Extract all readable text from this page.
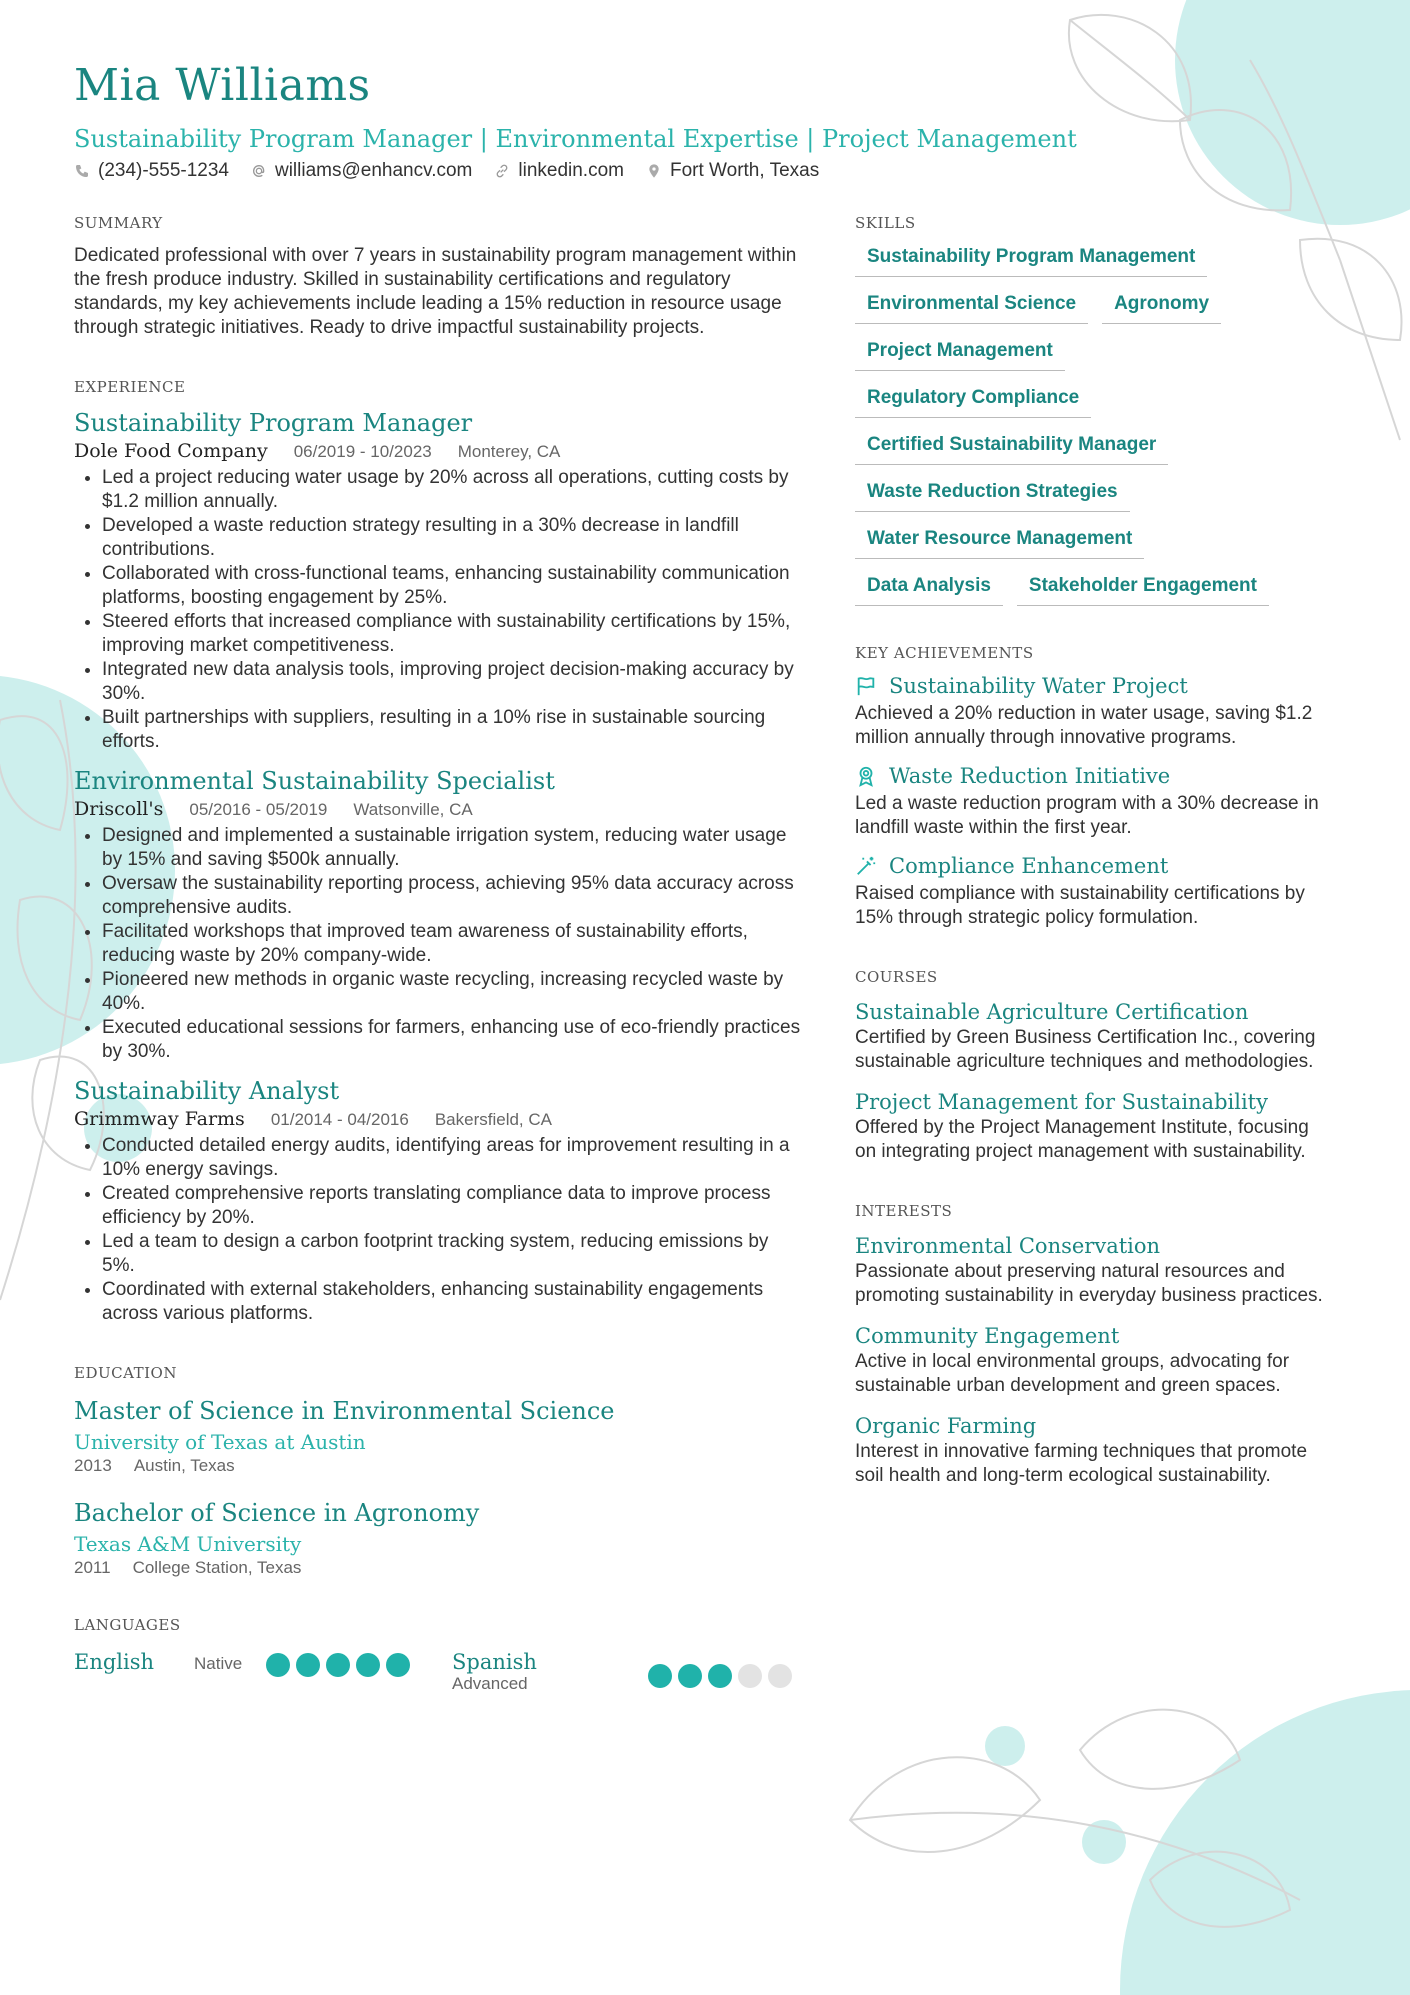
Mia Williams
Sustainability Program Manager | Environmental Expertise | Project Management
(234)-555-1234 williams@enhancv.com linkedin.com Fort Worth, Texas
SUMMARY
Dedicated professional with over 7 years in sustainability program management within the fresh produce industry. Skilled in sustainability certifications and regulatory standards, my key achievements include leading a 15% reduction in resource usage through strategic initiatives. Ready to drive impactful sustainability projects.
EXPERIENCE
Sustainability Program Manager
Dole Food Company 06/2019 - 10/2023 Monterey, CA
• Led a project reducing water usage by 20% across all operations, cutting costs by $1.2 million annually.
• Developed a waste reduction strategy resulting in a 30% decrease in landfill contributions.
• Collaborated with cross-functional teams, enhancing sustainability communication platforms, boosting engagement by 25%.
• Steered efforts that increased compliance with sustainability certifications by 15%, improving market competitiveness.
• Integrated new data analysis tools, improving project decision-making accuracy by 30%.
• Built partnerships with suppliers, resulting in a 10% rise in sustainable sourcing efforts.
Environmental Sustainability Specialist
Driscoll's 05/2016 - 05/2019 Watsonville, CA
• Designed and implemented a sustainable irrigation system, reducing water usage by 15% and saving $500k annually.
• Oversaw the sustainability reporting process, achieving 95% data accuracy across comprehensive audits.
• Facilitated workshops that improved team awareness of sustainability efforts, reducing waste by 20% company-wide.
• Pioneered new methods in organic waste recycling, increasing recycled waste by 40%.
• Executed educational sessions for farmers, enhancing use of eco-friendly practices by 30%.
Sustainability Analyst
Grimmway Farms 01/2014 - 04/2016 Bakersfield, CA
• Conducted detailed energy audits, identifying areas for improvement resulting in a 10% energy savings.
• Created comprehensive reports translating compliance data to improve process efficiency by 20%.
• Led a team to design a carbon footprint tracking system, reducing emissions by 5%.
• Coordinated with external stakeholders, enhancing sustainability engagements across various platforms.
EDUCATION
Master of Science in Environmental Science
University of Texas at Austin
2013 Austin, Texas
Bachelor of Science in Agronomy
Texas A&M University
2011 College Station, Texas
LANGUAGES
English	Native	Spanish
Advanced
SKILLS
Sustainability Program Management
Environmental Science	Agronomy
Project Management
Regulatory Compliance
Certified Sustainability Manager
Waste Reduction Strategies
Water Resource Management
Data Analysis	Stakeholder Engagement
KEY ACHIEVEMENTS
Sustainability Water Project
Achieved a 20% reduction in water usage, saving $1.2 million annually through innovative programs.
Waste Reduction Initiative
Led a waste reduction program with a 30% decrease in landfill waste within the first year.
Compliance Enhancement
Raised compliance with sustainability certifications by 15% through strategic policy formulation.
COURSES
Sustainable Agriculture Certification
Certified by Green Business Certification Inc., covering sustainable agriculture techniques and methodologies.
Project Management for Sustainability
Offered by the Project Management Institute, focusing on integrating project management with sustainability.
INTERESTS
Environmental Conservation
Passionate about preserving natural resources and promoting sustainability in everyday business practices.
Community Engagement
Active in local environmental groups, advocating for sustainable urban development and green spaces.
Organic Farming
Interest in innovative farming techniques that promote soil health and long-term ecological sustainability.
